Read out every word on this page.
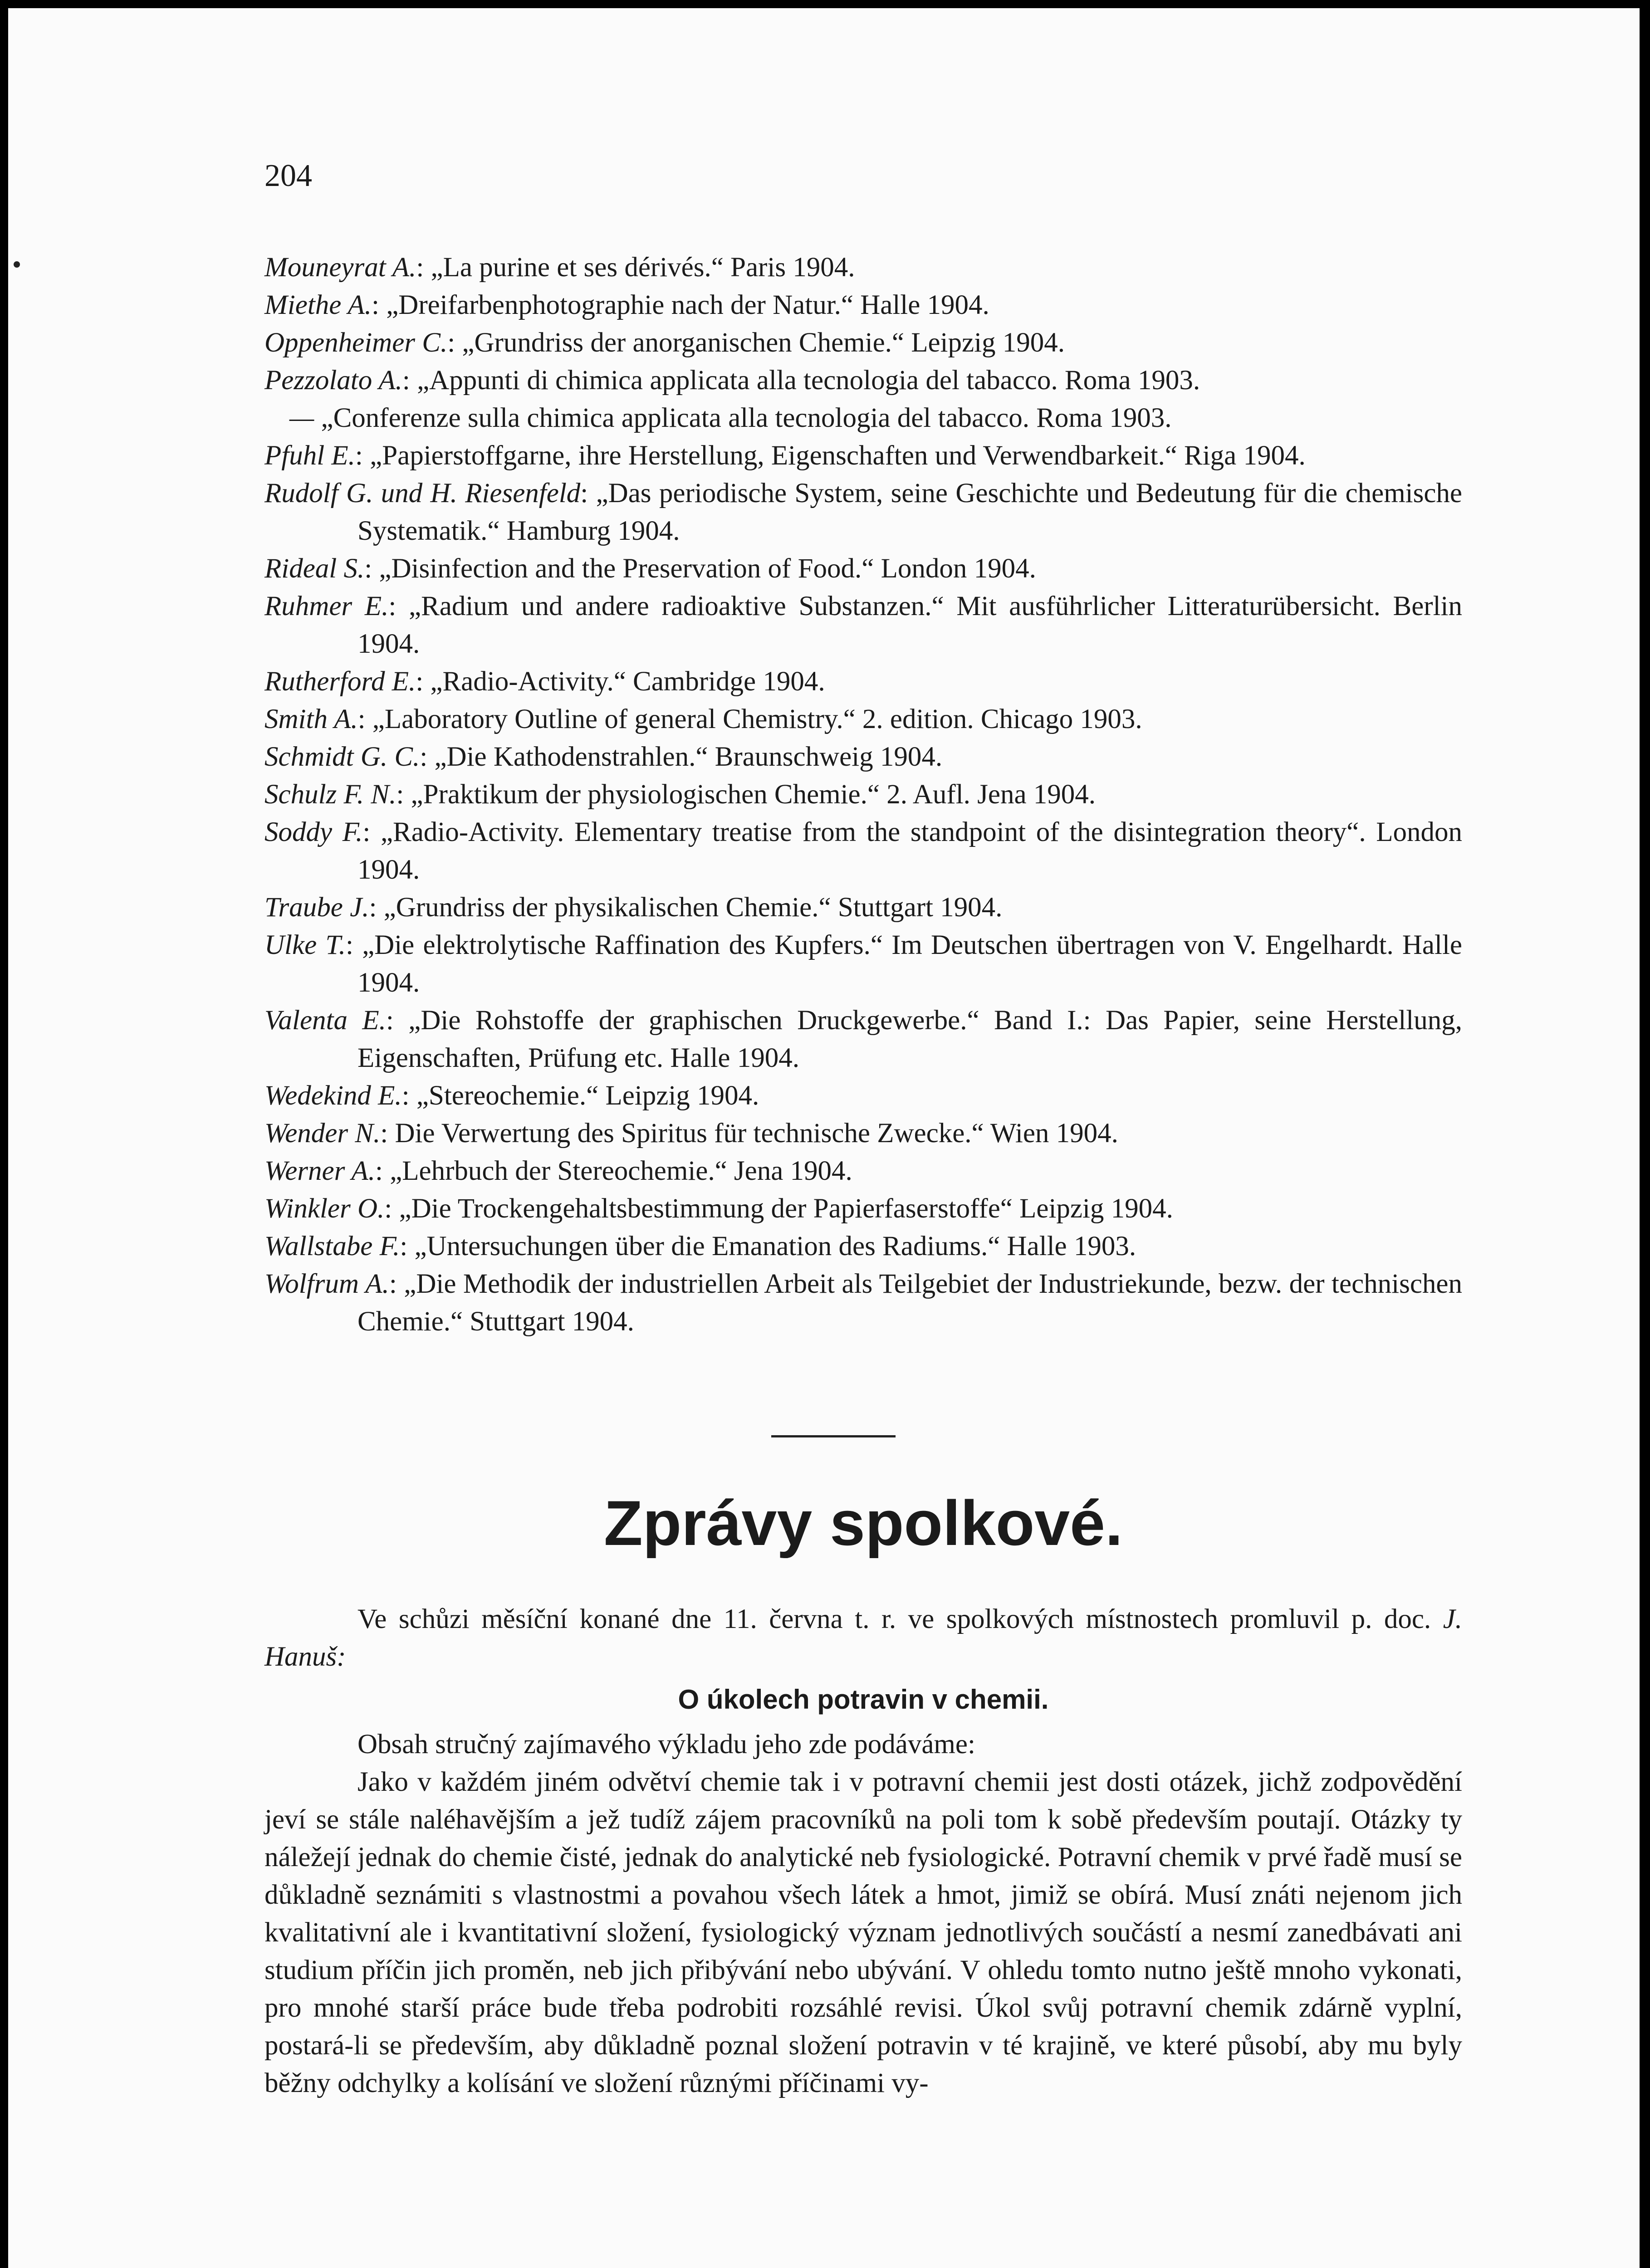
204
Mouneyrat A.: „La purine et ses dérivés.“ Paris 1904.
Miethe A.: „Dreifarbenphotographie nach der Natur.“ Halle 1904.
Oppenheimer C.: „Grundriss der anorganischen Chemie.“ Leipzig 1904.
Pezzolato A.: „Appunti di chimica applicata alla tecnologia del tabacco. Roma 1903.
— „Conferenze sulla chimica applicata alla tecnologia del tabacco. Roma 1903.
Pfuhl E.: „Papierstoffgarne, ihre Herstellung, Eigenschaften und Verwendbarkeit.“ Riga 1904.
Rudolf G. und H. Riesenfeld: „Das periodische System, seine Geschichte und Bedeutung für die chemische Systematik.“ Hamburg 1904.
Rideal S.: „Disinfection and the Preservation of Food.“ London 1904.
Ruhmer E.: „Radium und andere radioaktive Substanzen.“ Mit ausführlicher Litteraturübersicht. Berlin 1904.
Rutherford E.: „Radio-Activity.“ Cambridge 1904.
Smith A.: „Laboratory Outline of general Chemistry.“ 2. edition. Chicago 1903.
Schmidt G. C.: „Die Kathodenstrahlen.“ Braunschweig 1904.
Schulz F. N.: „Praktikum der physiologischen Chemie.“ 2. Aufl. Jena 1904.
Soddy F.: „Radio-Activity. Elementary treatise from the standpoint of the disintegration theory“. London 1904.
Traube J.: „Grundriss der physikalischen Chemie.“ Stuttgart 1904.
Ulke T.: „Die elektrolytische Raffination des Kupfers.“ Im Deutschen übertragen von V. Engelhardt. Halle 1904.
Valenta E.: „Die Rohstoffe der graphischen Druckgewerbe.“ Band I.: Das Papier, seine Herstellung, Eigenschaften, Prüfung etc. Halle 1904.
Wedekind E.: „Stereochemie.“ Leipzig 1904.
Wender N.: Die Verwertung des Spiritus für technische Zwecke.“ Wien 1904.
Werner A.: „Lehrbuch der Stereochemie.“ Jena 1904.
Winkler O.: „Die Trockengehaltsbestimmung der Papierfaserstoffe“ Leipzig 1904.
Wallstabe F.: „Untersuchungen über die Emanation des Radiums.“ Halle 1903.
Wolfrum A.: „Die Methodik der industriellen Arbeit als Teilgebiet der Industriekunde, bezw. der technischen Chemie.“ Stuttgart 1904.
Zprávy spolkové.

Ve schůzi měsíční konané dne 11. června t. r. ve spolkových místnostech promluvil p. doc. J. Hanuš:

O úkolech potravin v chemii.

Obsah stručný zajímavého výkladu jeho zde podáváme:

Jako v každém jiném odvětví chemie tak i v potravní chemii jest dosti otázek, jichž zodpovědění jeví se stále naléhavějším a jež tudíž zájem pracovníků na poli tom k sobě především poutají. Otázky ty náležejí jednak do chemie čisté, jednak do analytické neb fysiologické. Potravní chemik v prvé řadě musí se důkladně seznámiti s vlastnostmi a povahou všech látek a hmot, jimiž se obírá. Musí znáti nejenom jich kvalitativní ale i kvantitativní složení, fysiologický význam jednotlivých součástí a nesmí zanedbávati ani studium příčin jich proměn, neb jich přibývání nebo ubývání. V ohledu tomto nutno ještě mnoho vykonati, pro mnohé starší práce bude třeba podrobiti rozsáhlé revisi. Úkol svůj potravní chemik zdárně vyplní, postará-li se především, aby důkladně poznal složení potravin v té krajině, ve které působí, aby mu byly běžny odchylky a kolísání ve složení různými příčinami vy-
